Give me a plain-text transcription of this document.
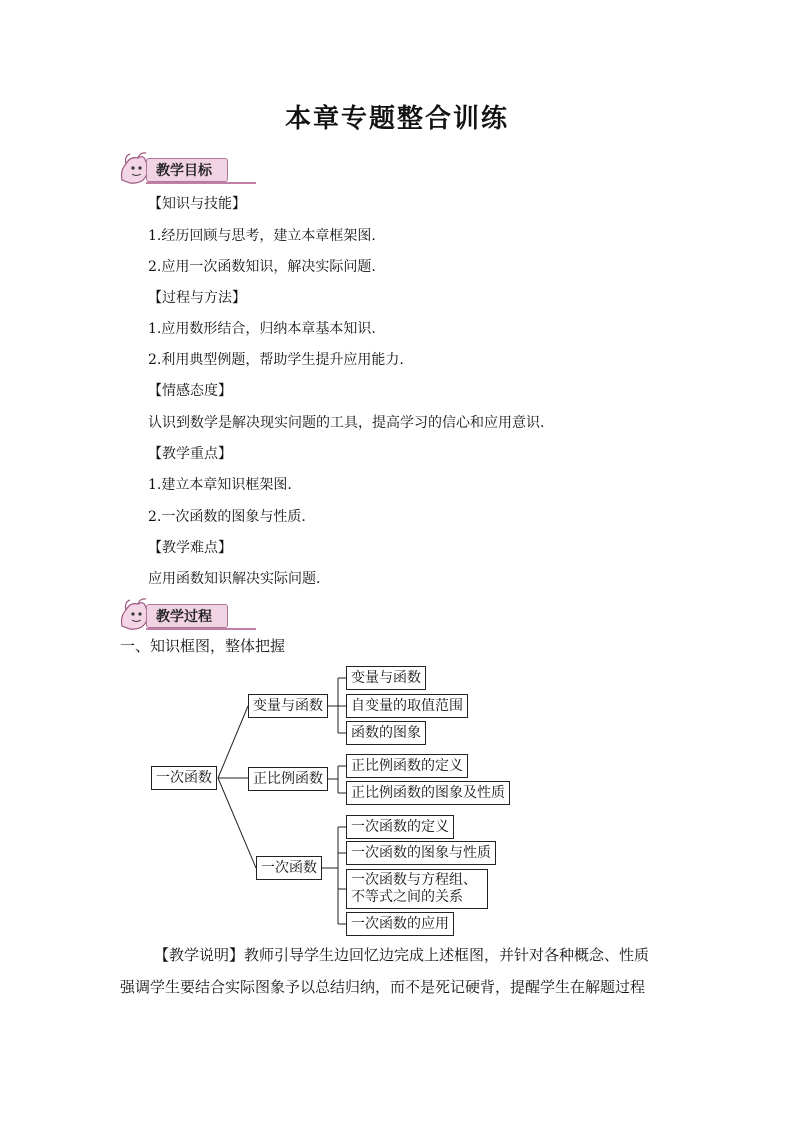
本章专题整合训练
教学目标
【知识与技能】
1.经历回顾与思考，建立本章框架图.
2.应用一次函数知识，解决实际问题.
【过程与方法】
1.应用数形结合，归纳本章基本知识.
2.利用典型例题，帮助学生提升应用能力.
【情感态度】
认识到数学是解决现实问题的工具，提高学习的信心和应用意识.
【教学重点】
1.建立本章知识框架图.
2.一次函数的图象与性质.
【教学难点】
应用函数知识解决实际问题.
教学过程
一、知识框图，整体把握
一次函数
变量与函数
正比例函数
一次函数
变量与函数
自变量的取值范围
函数的图象
正比例函数的定义
正比例函数的图象及性质
一次函数的定义
一次函数的图象与性质
一次函数与方程组、不等式之间的关系
一次函数的应用
【教学说明】教师引导学生边回忆边完成上述框图，并针对各种概念、性质
强调学生要结合实际图象予以总结归纳，而不是死记硬背，提醒学生在解题过程
